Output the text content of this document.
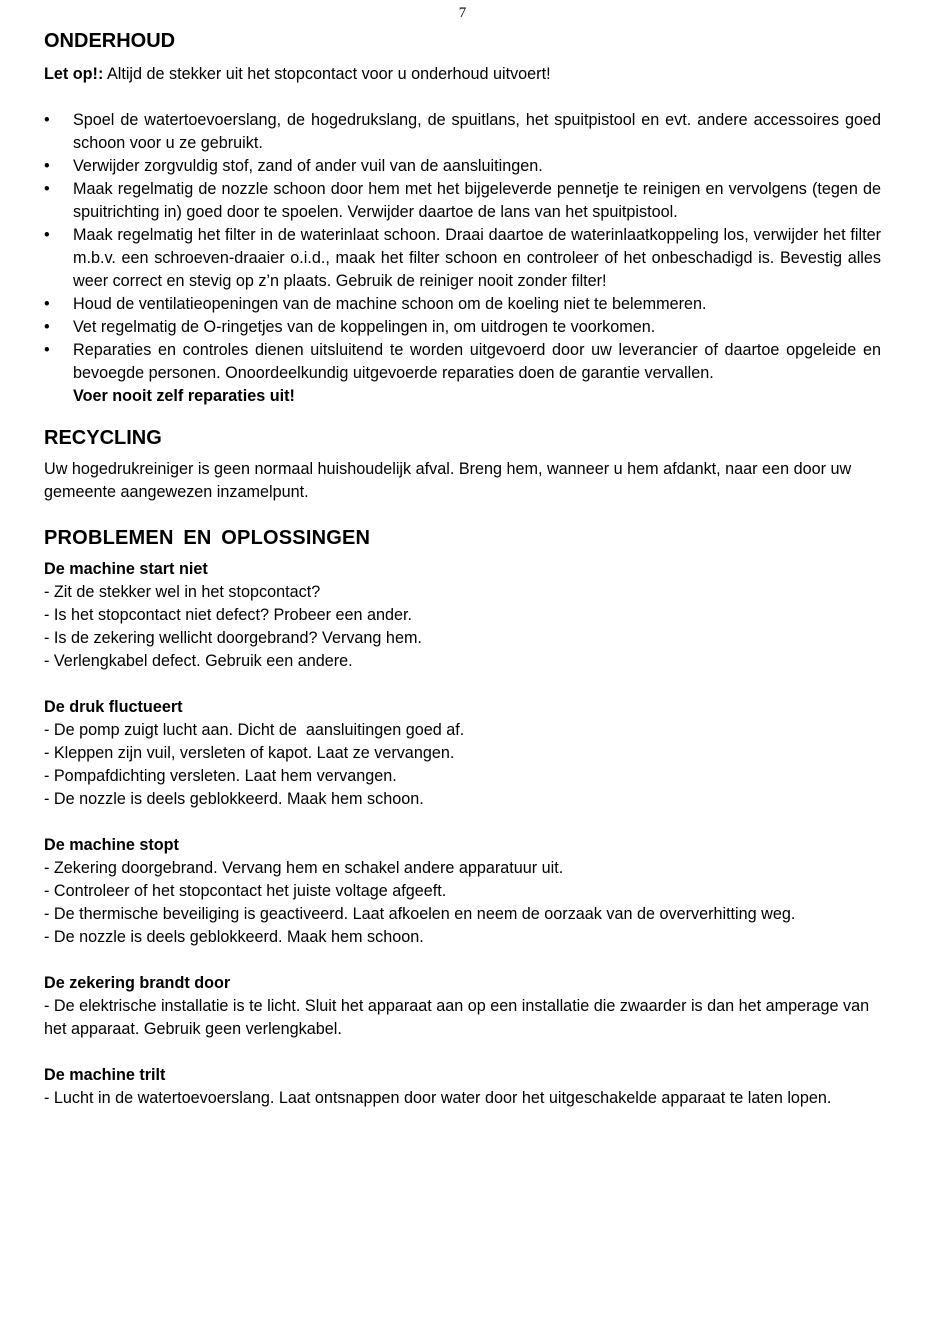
7
ONDERHOUD

Let op!: Altijd de stekker uit het stopcontact voor u onderhoud uitvoert!

• Spoel de watertoevoerslang, de hogedrukslang, de spuitlans, het spuitpistool en evt. andere accessoires goed schoon voor u ze gebruikt.
• Verwijder zorgvuldig stof, zand of ander vuil van de aansluitingen.
• Maak regelmatig de nozzle schoon door hem met het bijgeleverde pennetje te reinigen en vervolgens (tegen de spuitrichting in) goed door te spoelen. Verwijder daartoe de lans van het spuitpistool.
• Maak regelmatig het filter in de waterinlaat schoon. Draai daartoe de waterinlaatkoppeling los, verwijder het filter m.b.v. een schroeven-draaier o.i.d., maak het filter schoon en controleer of het onbeschadigd is. Bevestig alles weer correct en stevig op z’n plaats. Gebruik de reiniger nooit zonder filter!
• Houd de ventilatieopeningen van de machine schoon om de koeling niet te belemmeren.
• Vet regelmatig de O-ringetjes van de koppelingen in, om uitdrogen te voorkomen.
• Reparaties en controles dienen uitsluitend te worden uitgevoerd door uw leverancier of daartoe opgeleide en bevoegde personen. Onoordeelkundig uitgevoerde reparaties doen de garantie vervallen.
Voer nooit zelf reparaties uit!
RECYCLING

Uw hogedrukreiniger is geen normaal huishoudelijk afval. Breng hem, wanneer u hem afdankt, naar een door uw gemeente aangewezen inzamelpunt.

PROBLEMEN EN OPLOSSINGEN

De machine start niet

- Zit de stekker wel in het stopcontact?

- Is het stopcontact niet defect? Probeer een ander.

- Is de zekering wellicht doorgebrand? Vervang hem.

- Verlengkabel defect. Gebruik een andere.

De druk fluctueert

- De pomp zuigt lucht aan. Dicht de  aansluitingen goed af.

- Kleppen zijn vuil, versleten of kapot. Laat ze vervangen.

- Pompafdichting versleten. Laat hem vervangen.

- De nozzle is deels geblokkeerd. Maak hem schoon.

De machine stopt

- Zekering doorgebrand. Vervang hem en schakel andere apparatuur uit.

- Controleer of het stopcontact het juiste voltage afgeeft.

- De thermische beveiliging is geactiveerd. Laat afkoelen en neem de oorzaak van de oververhitting weg.

- De nozzle is deels geblokkeerd. Maak hem schoon.

De zekering brandt door

- De elektrische installatie is te licht. Sluit het apparaat aan op een installatie die zwaarder is dan het amperage van het apparaat. Gebruik geen verlengkabel.

De machine trilt

- Lucht in de watertoevoerslang. Laat ontsnappen door water door het uitgeschakelde apparaat te laten lopen.
